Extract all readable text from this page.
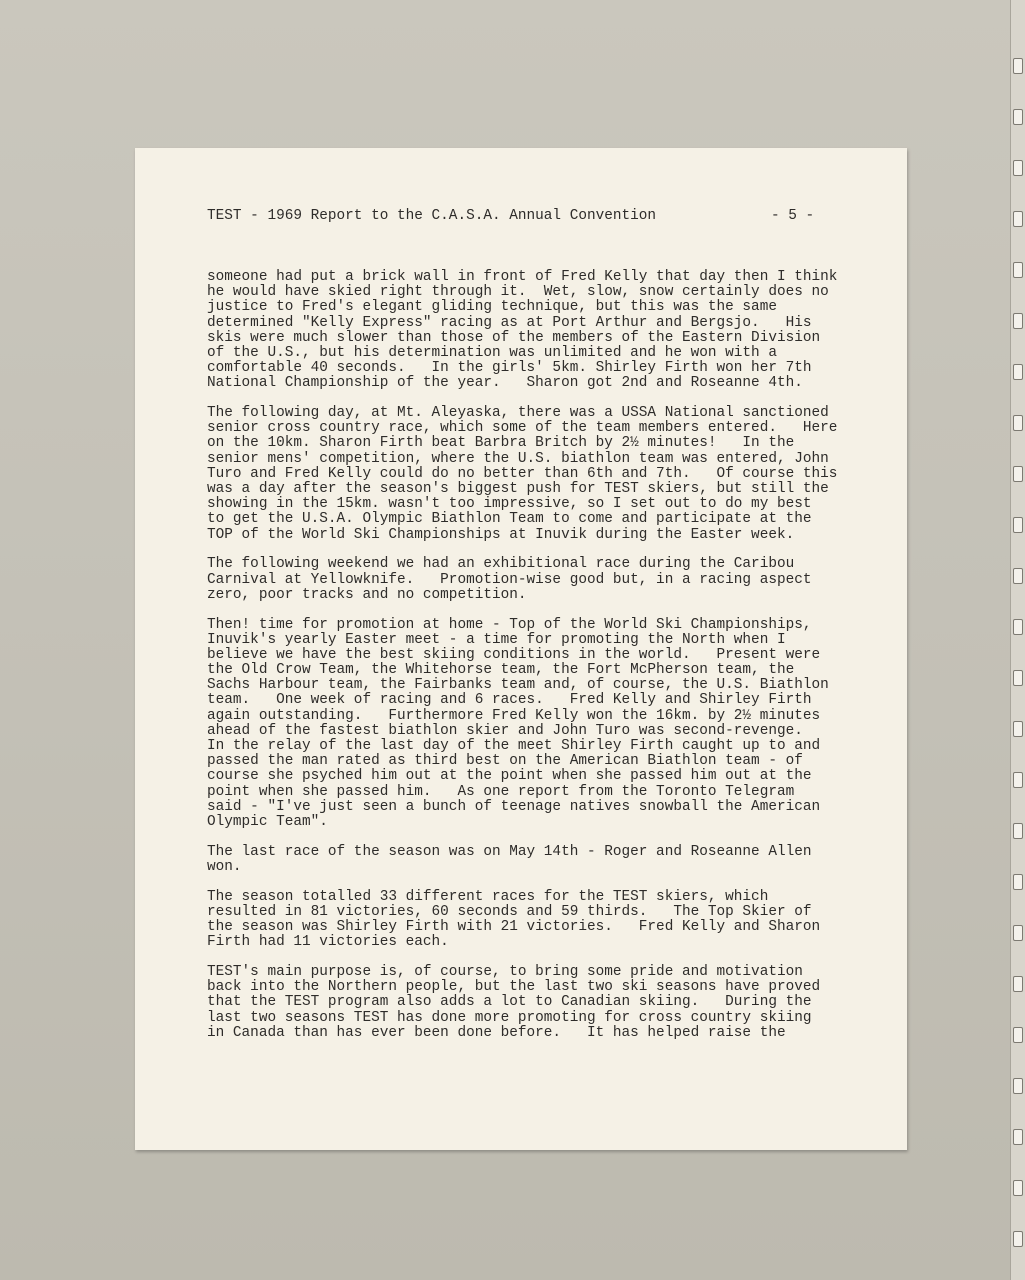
TEST - 1969 Report to the C.A.S.A. Annual Convention	- 5 -

someone had put a brick wall in front of Fred Kelly that day then I think
he would have skied right through it.  Wet, slow, snow certainly does no
justice to Fred's elegant gliding technique, but this was the same
determined "Kelly Express" racing as at Port Arthur and Bergsjo.   His
skis were much slower than those of the members of the Eastern Division
of the U.S., but his determination was unlimited and he won with a
comfortable 40 seconds.   In the girls' 5km. Shirley Firth won her 7th
National Championship of the year.   Sharon got 2nd and Roseanne 4th.
The following day, at Mt. Aleyaska, there was a USSA National sanctioned
senior cross country race, which some of the team members entered.   Here
on the 10km. Sharon Firth beat Barbra Britch by 2½ minutes!   In the
senior mens' competition, where the U.S. biathlon team was entered, John
Turo and Fred Kelly could do no better than 6th and 7th.   Of course this
was a day after the season's biggest push for TEST skiers, but still the
showing in the 15km. wasn't too impressive, so I set out to do my best
to get the U.S.A. Olympic Biathlon Team to come and participate at the
TOP of the World Ski Championships at Inuvik during the Easter week.
The following weekend we had an exhibitional race during the Caribou
Carnival at Yellowknife.   Promotion-wise good but, in a racing aspect
zero, poor tracks and no competition.
Then! time for promotion at home - Top of the World Ski Championships,
Inuvik's yearly Easter meet - a time for promoting the North when I
believe we have the best skiing conditions in the world.   Present were
the Old Crow Team, the Whitehorse team, the Fort McPherson team, the
Sachs Harbour team, the Fairbanks team and, of course, the U.S. Biathlon
team.   One week of racing and 6 races.   Fred Kelly and Shirley Firth
again outstanding.   Furthermore Fred Kelly won the 16km. by 2½ minutes
ahead of the fastest biathlon skier and John Turo was second-revenge.
In the relay of the last day of the meet Shirley Firth caught up to and
passed the man rated as third best on the American Biathlon team - of
course she psyched him out at the point when she passed him out at the
point when she passed him.   As one report from the Toronto Telegram
said - "I've just seen a bunch of teenage natives snowball the American
Olympic Team".
The last race of the season was on May 14th - Roger and Roseanne Allen
won.
The season totalled 33 different races for the TEST skiers, which
resulted in 81 victories, 60 seconds and 59 thirds.   The Top Skier of
the season was Shirley Firth with 21 victories.   Fred Kelly and Sharon
Firth had 11 victories each.
TEST's main purpose is, of course, to bring some pride and motivation
back into the Northern people, but the last two ski seasons have proved
that the TEST program also adds a lot to Canadian skiing.   During the
last two seasons TEST has done more promoting for cross country skiing
in Canada than has ever been done before.   It has helped raise the
